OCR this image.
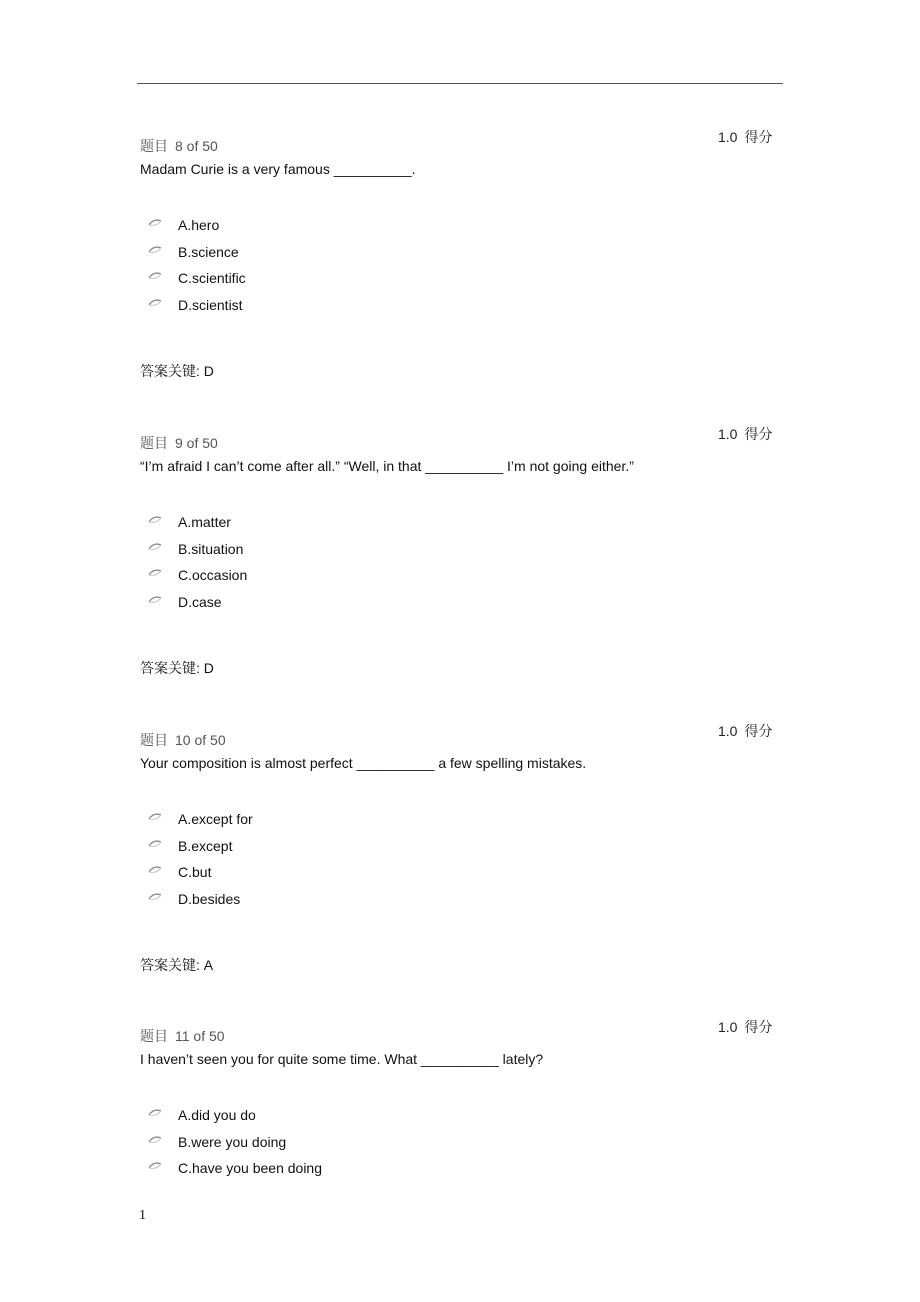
题目 8 of 50
1.0 得分
Madam Curie is a very famous __________.
A.hero
B.science
C.scientific
D.scientist
答案关键: D
题目 9 of 50
1.0 得分
“I’m afraid I can’t come after all.” “Well, in that __________ I’m not going either.”
A.matter
B.situation
C.occasion
D.case
答案关键: D
题目 10 of 50
1.0 得分
Your composition is almost perfect __________ a few spelling mistakes.
A.except for
B.except
C.but
D.besides
答案关键: A
题目 11 of 50
1.0 得分
I haven’t seen you for quite some time. What __________ lately?
A.did you do
B.were you doing
C.have you been doing
1
